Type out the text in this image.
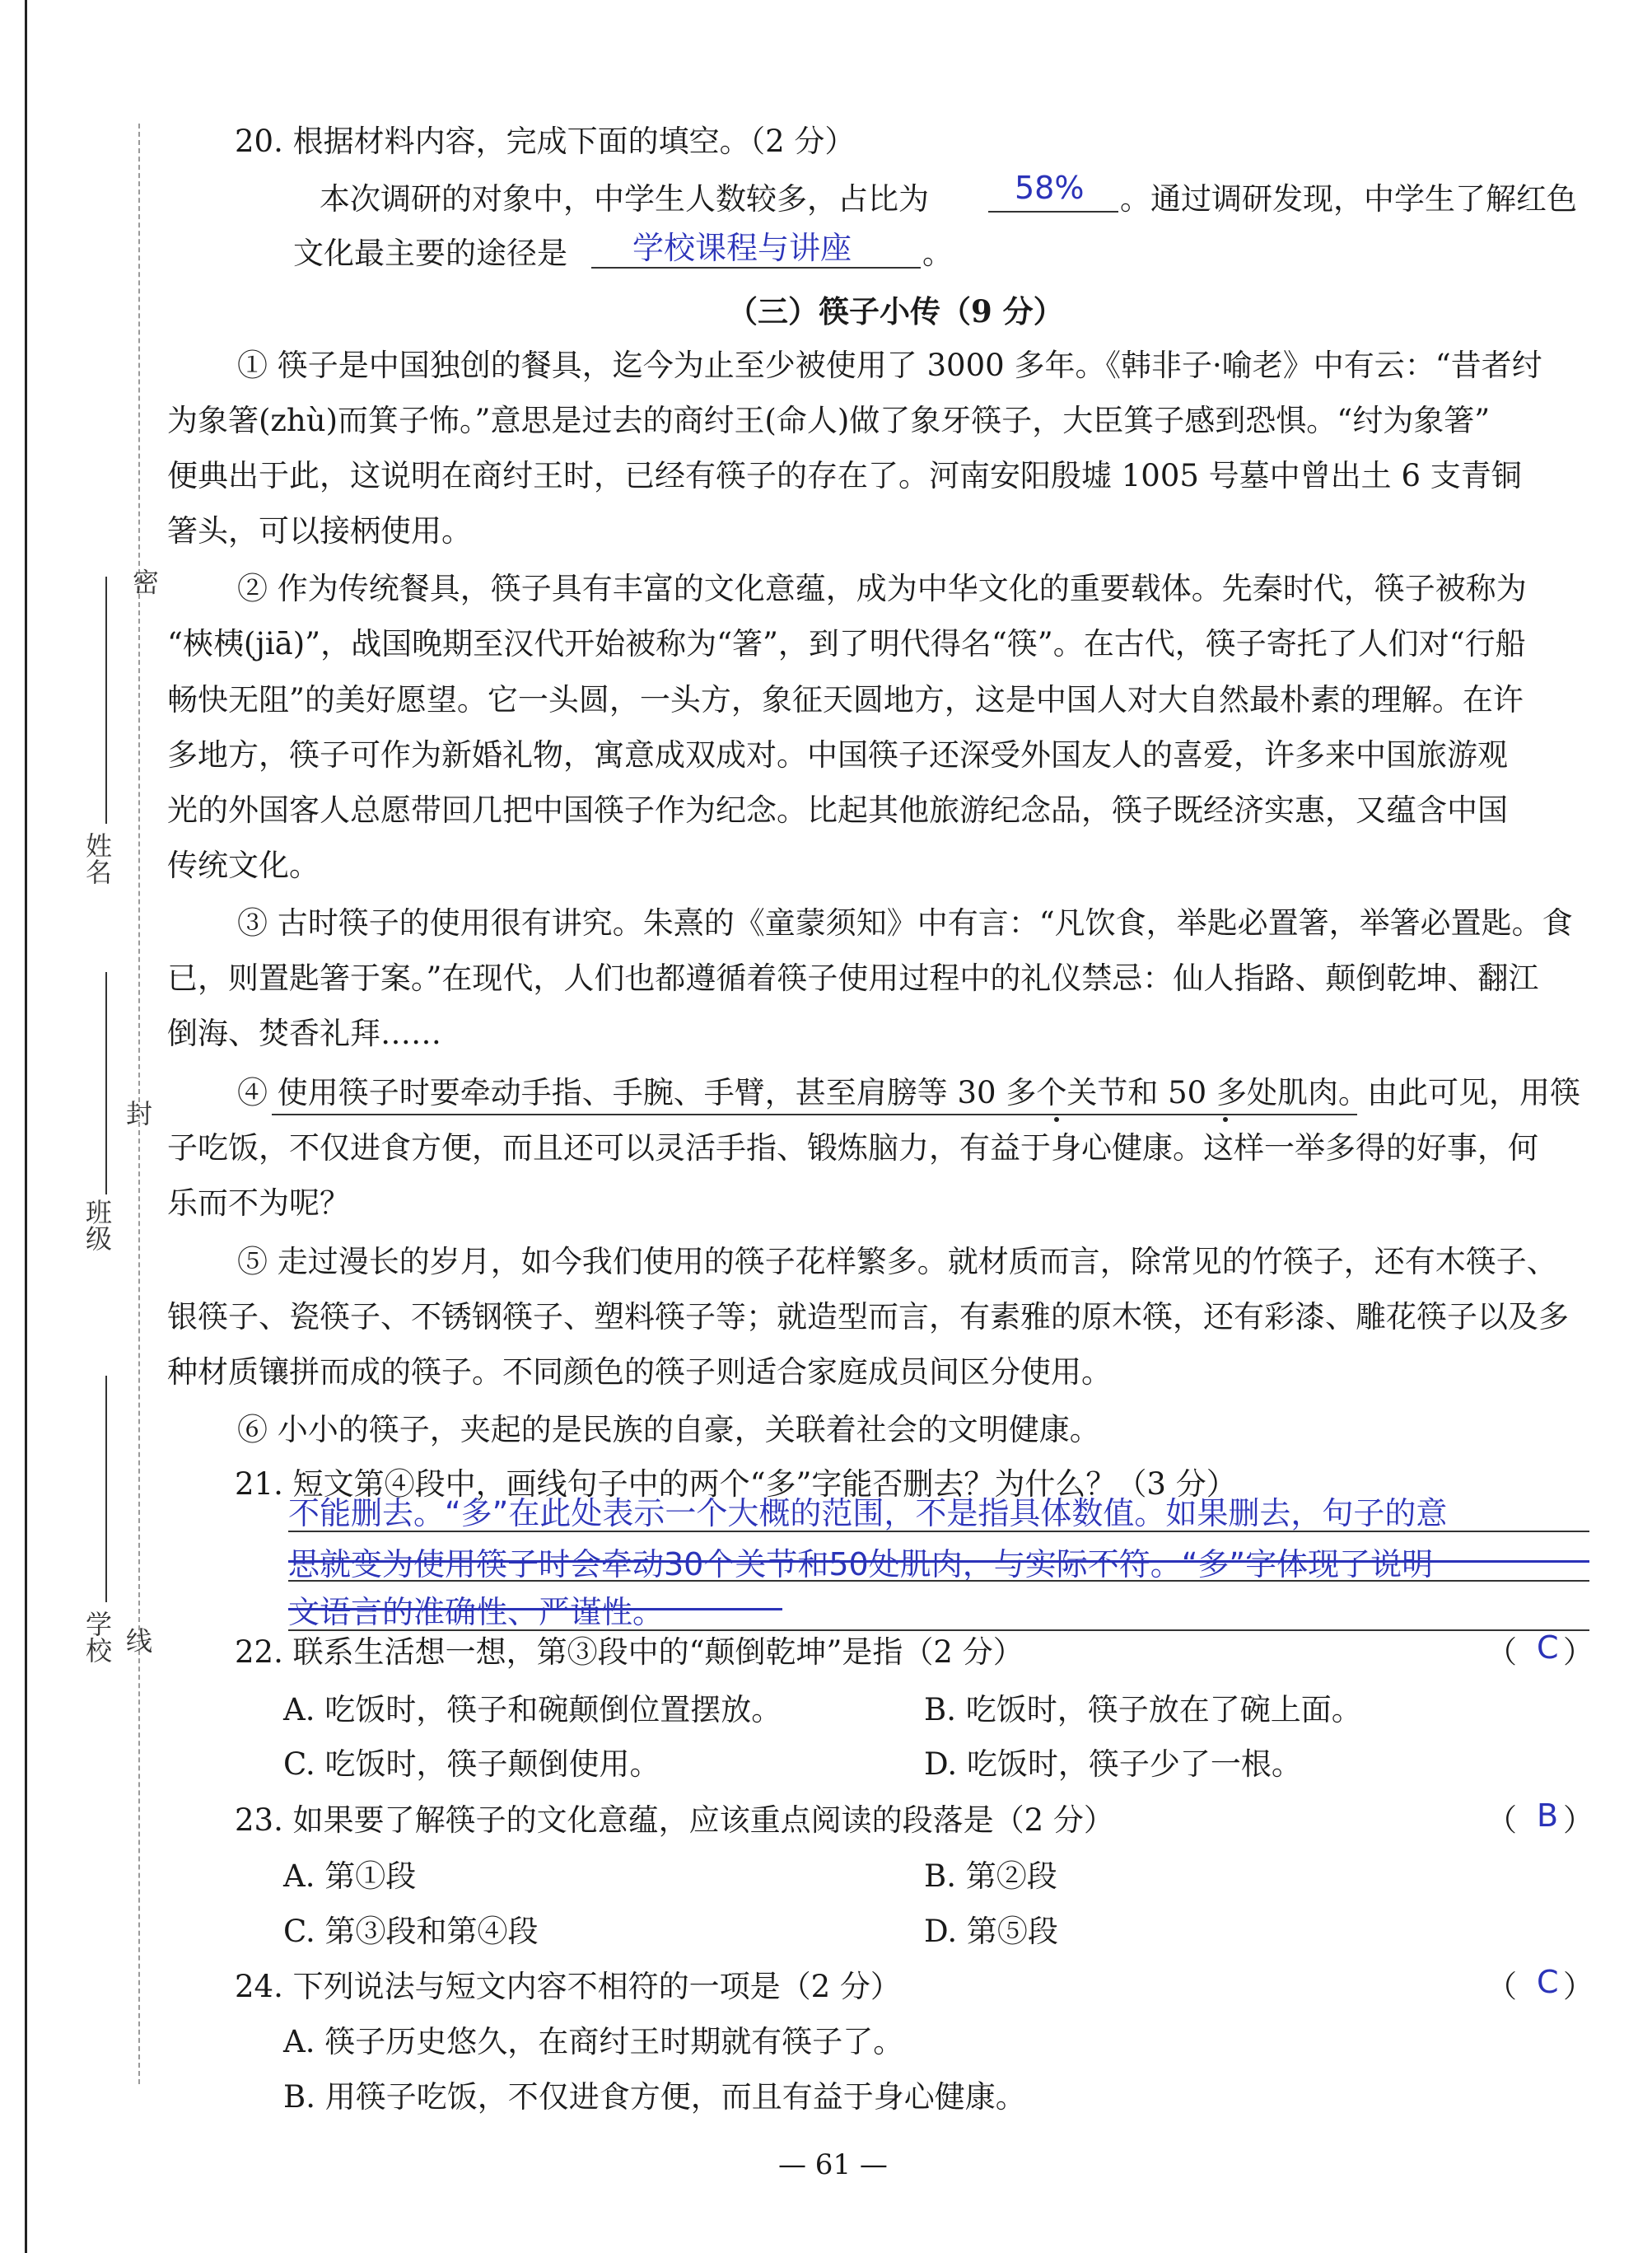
密
封
线
姓名
班级
学校
20. 根据材料内容，完成下面的填空。（2 分）
本次调研的对象中，中学生人数较多，占比为	58% 。通过调研发现，中学生了解红色
文化最主要的途径是 学校课程与讲座 。
（三）筷子小传（9 分）
① 筷子是中国独创的餐具，迄今为止至少被使用了 3000 多年。《韩非子·喻老》中有云：“昔者纣
为象箸(zhù)而箕子怖。”意思是过去的商纣王(命人)做了象牙筷子，大臣箕子感到恐惧。“纣为象箸”
便典出于此，这说明在商纣王时，已经有筷子的存在了。河南安阳殷墟 1005 号墓中曾出土 6 支青铜
箸头，可以接柄使用。
② 作为传统餐具，筷子具有丰富的文化意蕴，成为中华文化的重要载体。先秦时代，筷子被称为
“梜桋(jiā)”，战国晚期至汉代开始被称为“箸”，到了明代得名“筷”。在古代，筷子寄托了人们对“行船
畅快无阻”的美好愿望。它一头圆，一头方，象征天圆地方，这是中国人对大自然最朴素的理解。在许
多地方，筷子可作为新婚礼物，寓意成双成对。中国筷子还深受外国友人的喜爱，许多来中国旅游观
光的外国客人总愿带回几把中国筷子作为纪念。比起其他旅游纪念品，筷子既经济实惠，又蕴含中国
传统文化。
③ 古时筷子的使用很有讲究。朱熹的《童蒙须知》中有言：“凡饮食，举匙必置箸，举箸必置匙。食
已，则置匙箸于案。”在现代，人们也都遵循着筷子使用过程中的礼仪禁忌：仙人指路、颠倒乾坤、翻江
倒海、焚香礼拜……
④ 使用筷子时要牵动手指、手腕、手臂，甚至肩膀等 30 多个关节和 50 多处肌肉。
由此可见，用筷
子吃饭，不仅进食方便，而且还可以灵活手指、锻炼脑力，有益于身心健康。这样一举多得的好事，何
乐而不为呢？
⑤ 走过漫长的岁月，如今我们使用的筷子花样繁多。就材质而言，除常见的竹筷子，还有木筷子、
银筷子、瓷筷子、不锈钢筷子、塑料筷子等；就造型而言，有素雅的原木筷，还有彩漆、雕花筷子以及多
种材质镶拼而成的筷子。不同颜色的筷子则适合家庭成员间区分使用。
⑥ 小小的筷子，夹起的是民族的自豪，关联着社会的文明健康。
21. 短文第④段中，画线句子中的两个“多”字能否删去？为什么？（3 分）
不能删去。“多”在此处表示一个大概的范围，不是指具体数值。如果删去，句子的意
思就变为使用筷子时会牵动30个关节和50处肌肉，与实际不符。“多”字体现了说明
文语言的准确性、严谨性。
22. 联系生活想一想，第③段中的“颠倒乾坤”是指（2 分）	（ C ）
A. 吃饭时，筷子和碗颠倒位置摆放。	B. 吃饭时，筷子放在了碗上面。
C. 吃饭时，筷子颠倒使用。	D. 吃饭时，筷子少了一根。
23. 如果要了解筷子的文化意蕴，应该重点阅读的段落是（2 分）	（ B ）
A. 第①段	B. 第②段
C. 第③段和第④段	D. 第⑤段
24. 下列说法与短文内容不相符的一项是（2 分）	（ C ）
A. 筷子历史悠久，在商纣王时期就有筷子了。
B. 用筷子吃饭，不仅进食方便，而且有益于身心健康。
— 61 —
